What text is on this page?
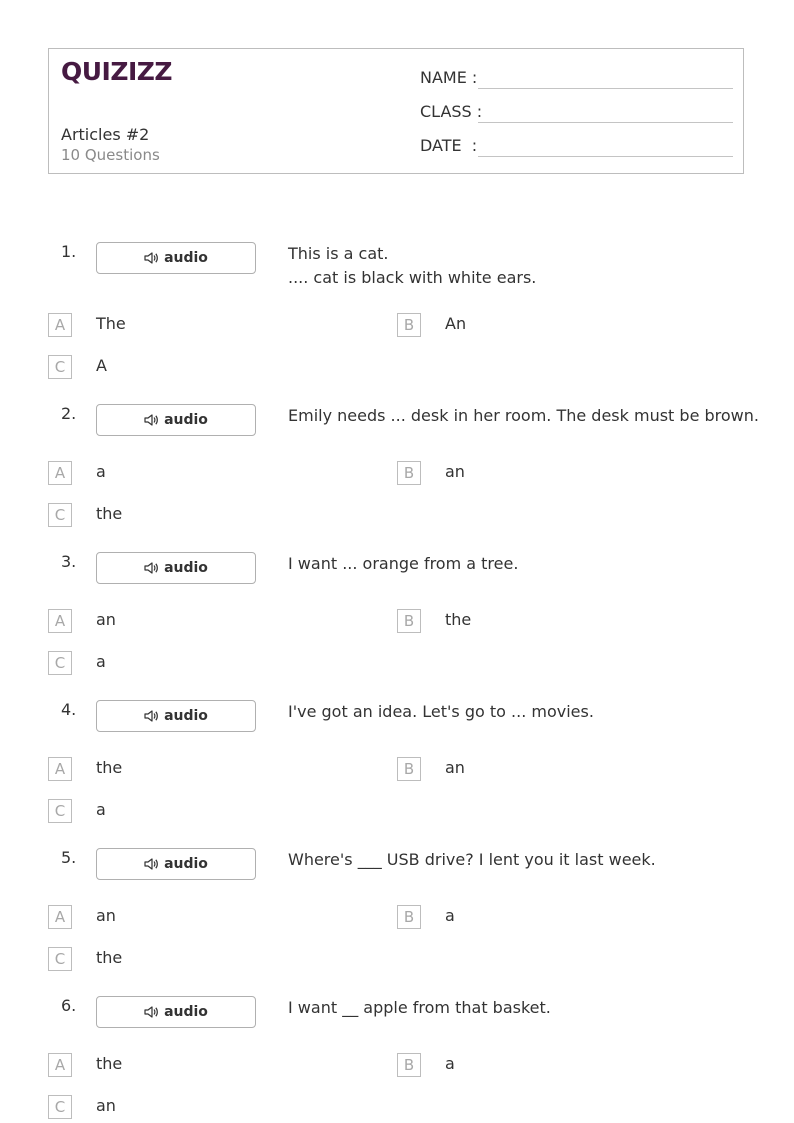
QUIZIZZ
Articles #2
10 Questions
NAME :
CLASS :
DATE  :
1.	audio	This is a cat.
.... cat is black with white ears.
A	The	B	An
C	A
2.	audio	Emily needs ... desk in her room. The desk must be brown.
A	a	B	an
C	the
3.	audio	I want ... orange from a tree.
A	an	B	the
C	a
4.	audio	I've got an idea. Let's go to ... movies.
A	the	B	an
C	a
5.	audio	Where's ___ USB drive? I lent you it last week.
A	an	B	a
C	the
6.	audio	I want __ apple from that basket.
A	the	B	a
C	an
